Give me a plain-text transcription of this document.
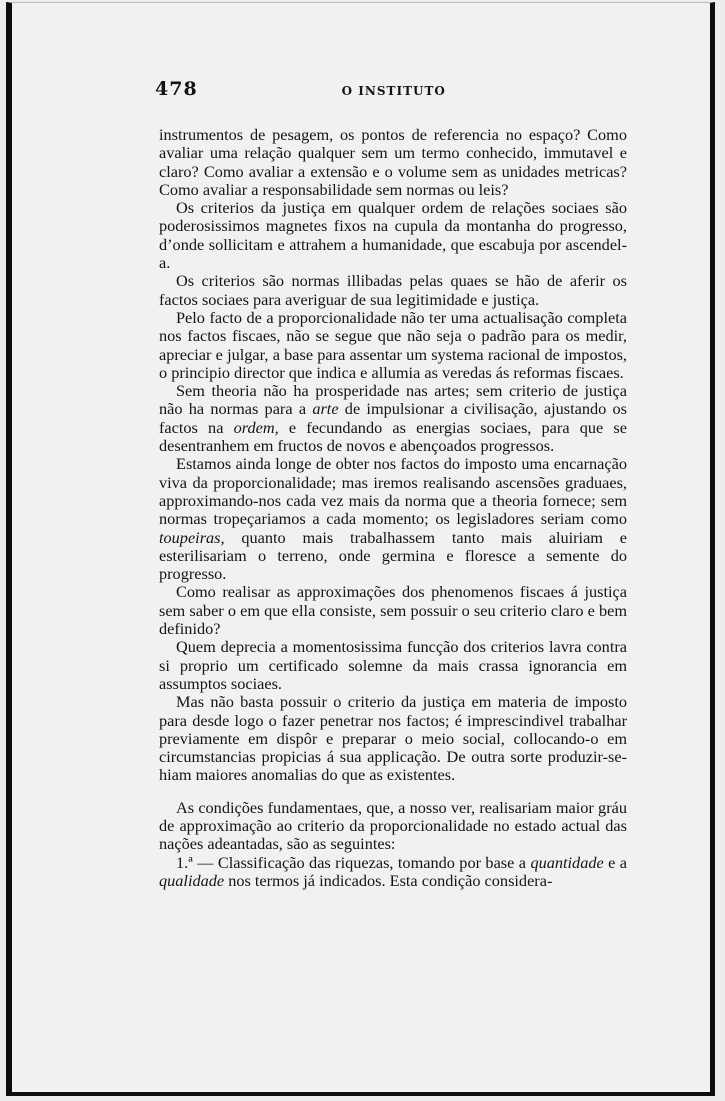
478	O INSTITUTO

instrumentos de pesagem, os pontos de referencia no espaço? Como avaliar uma relação qualquer sem um termo conhecido, immutavel e claro? Como avaliar a extensão e o volume sem as unidades metricas? Como avaliar a responsabilidade sem normas ou leis?

Os criterios da justiça em qualquer ordem de relações sociaes são poderosissimos magnetes fixos na cupula da montanha do progresso, d’onde sollicitam e attrahem a humanidade, que escabuja por ascendel-a.

Os criterios são normas illibadas pelas quaes se hão de aferir os factos sociaes para averiguar de sua legitimidade e justiça.

Pelo facto de a proporcionalidade não ter uma actualisação completa nos factos fiscaes, não se segue que não seja o padrão para os medir, apreciar e julgar, a base para assentar um systema racional de impostos, o principio director que indica e allumia as veredas ás reformas fiscaes.

Sem theoria não ha prosperidade nas artes; sem criterio de justiça não ha normas para a arte de impulsionar a civilisação, ajustando os factos na ordem, e fecundando as energias sociaes, para que se desentranhem em fructos de novos e abençoados progressos.

Estamos ainda longe de obter nos factos do imposto uma encarnação viva da proporcionalidade; mas iremos realisando ascensões graduaes, approximando-nos cada vez mais da norma que a theoria fornece; sem normas tropeçariamos a cada momento; os legisladores seriam como toupeiras, quanto mais trabalhassem tanto mais aluiriam e esterilisariam o terreno, onde germina e floresce a semente do progresso.

Como realisar as approximações dos phenomenos fiscaes á justiça sem saber o em que ella consiste, sem possuir o seu criterio claro e bem definido?

Quem deprecia a momentosissima funcção dos criterios lavra contra si proprio um certificado solemne da mais crassa ignorancia em assumptos sociaes.

Mas não basta possuir o criterio da justiça em materia de imposto para desde logo o fazer penetrar nos factos; é imprescindivel trabalhar previamente em dispôr e preparar o meio social, collocando-o em circumstancias propicias á sua applicação. De outra sorte produzir-se-hiam maiores anomalias do que as existentes.

As condições fundamentaes, que, a nosso ver, realisariam maior gráu de approximação ao criterio da proporcionalidade no estado actual das nações adeantadas, são as seguintes:

1.ª — Classificação das riquezas, tomando por base a quantidade e a qualidade nos termos já indicados. Esta condição considera-
